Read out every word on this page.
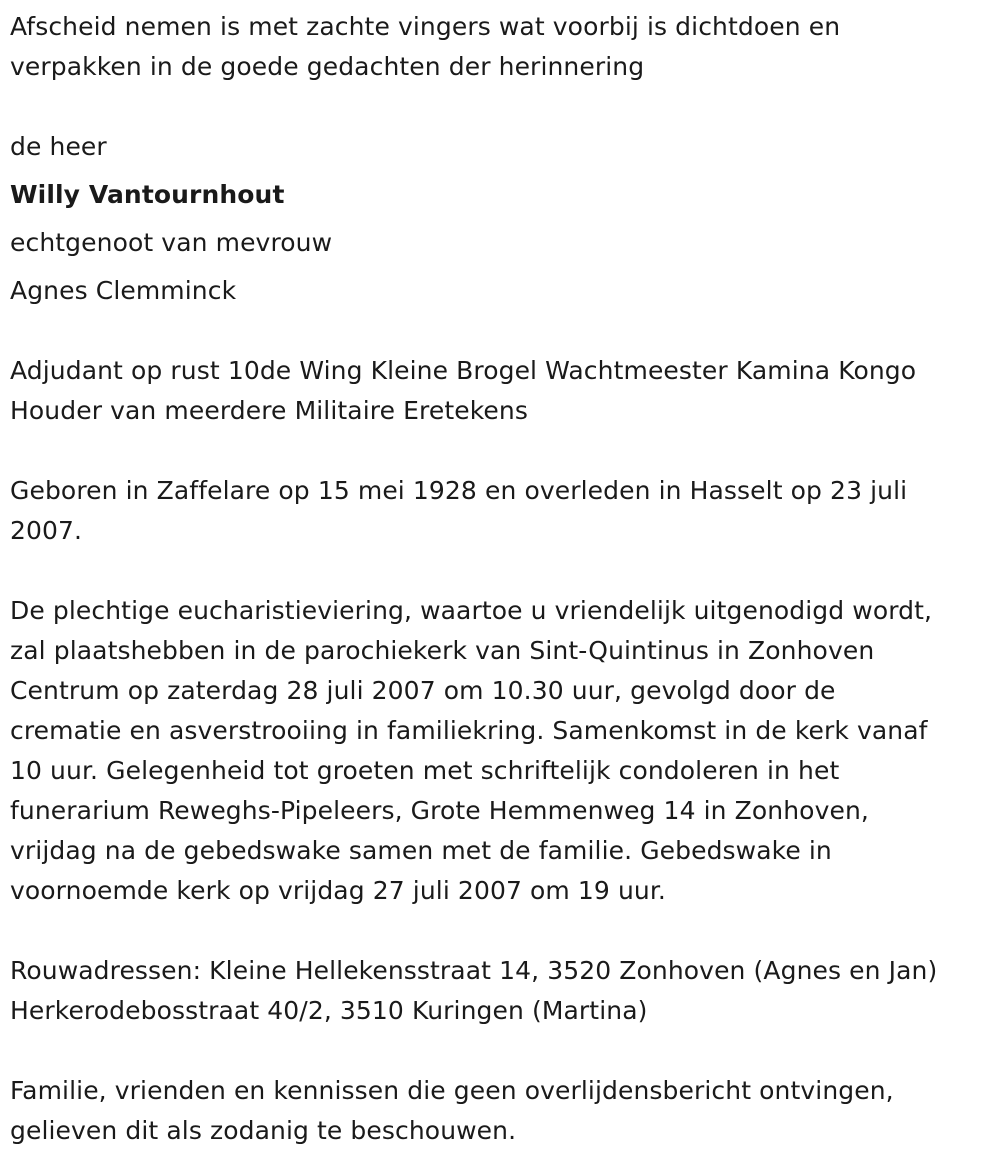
Afscheid nemen is met zachte vingers wat voorbij is dichtdoen en
verpakken in de goede gedachten der herinnering
de heer
Willy Vantournhout
echtgenoot van mevrouw
Agnes Clemminck
Adjudant op rust 10de Wing Kleine Brogel Wachtmeester Kamina Kongo
Houder van meerdere Militaire Eretekens
Geboren in Zaffelare op 15 mei 1928 en overleden in Hasselt op 23 juli
2007.
De plechtige eucharistieviering, waartoe u vriendelijk uitgenodigd wordt,
zal plaatshebben in de parochiekerk van Sint-Quintinus in Zonhoven
Centrum op zaterdag 28 juli 2007 om 10.30 uur, gevolgd door de
crematie en asverstrooiing in familiekring. Samenkomst in de kerk vanaf
10 uur. Gelegenheid tot groeten met schriftelijk condoleren in het
funerarium Reweghs-Pipeleers, Grote Hemmenweg 14 in Zonhoven,
vrijdag na de gebedswake samen met de familie. Gebedswake in
voornoemde kerk op vrijdag 27 juli 2007 om 19 uur.
Rouwadressen: Kleine Hellekensstraat 14, 3520 Zonhoven (Agnes en Jan)
Herkerodebosstraat 40/2, 3510 Kuringen (Martina)
Familie, vrienden en kennissen die geen overlijdensbericht ontvingen,
gelieven dit als zodanig te beschouwen.
